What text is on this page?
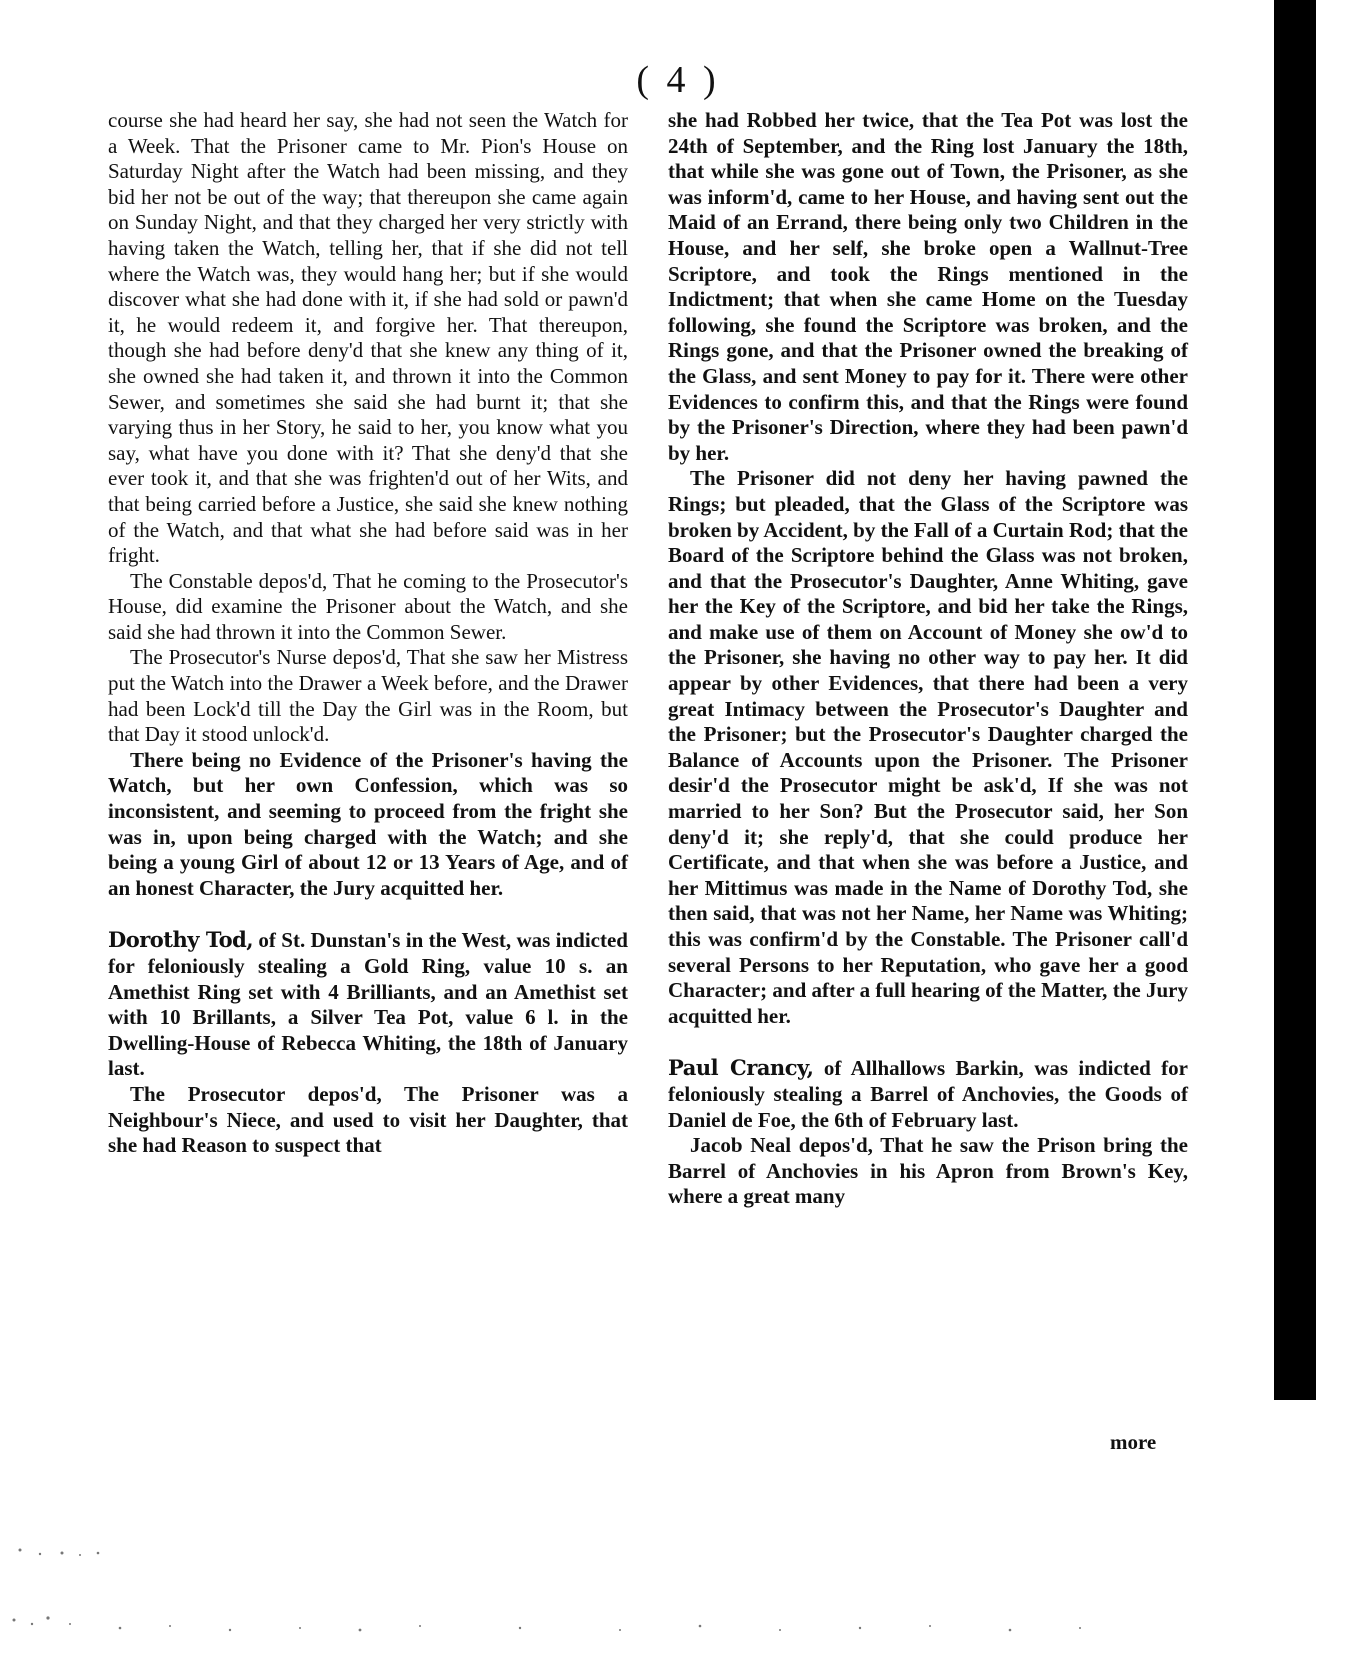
( 4 )

course she had heard her say, she had not seen the Watch for a Week. That the Prisoner came to Mr. Pion's House on Saturday Night after the Watch had been missing, and they bid her not be out of the way; that thereupon she came again on Sunday Night, and that they charged her very strictly with having taken the Watch, telling her, that if she did not tell where the Watch was, they would hang her; but if she would discover what she had done with it, if she had sold or pawn'd it, he would redeem it, and forgive her. That thereupon, though she had before deny'd that she knew any thing of it, she owned she had taken it, and thrown it into the Common Sewer, and sometimes she said she had burnt it; that she varying thus in her Story, he said to her, you know what you say, what have you done with it? That she deny'd that she ever took it, and that she was frighten'd out of her Wits, and that being carried before a Justice, she said she knew nothing of the Watch, and that what she had before said was in her fright.

The Constable depos'd, That he coming to the Prosecutor's House, did examine the Prisoner about the Watch, and she said she had thrown it into the Common Sewer.

The Prosecutor's Nurse depos'd, That she saw her Mistress put the Watch into the Drawer a Week before, and the Drawer had been Lock'd till the Day the Girl was in the Room, but that Day it stood unlock'd.

There being no Evidence of the Prisoner's having the Watch, but her own Confession, which was so inconsistent, and seeming to proceed from the fright she was in, upon being charged with the Watch; and she being a young Girl of about 12 or 13 Years of Age, and of an honest Character, the Jury acquitted her.

Dorothy Tod, of St. Dunstan's in the West, was indicted for feloniously stealing a Gold Ring, value 10 s. an Amethist Ring set with 4 Brilliants, and an Amethist set with 10 Brillants, a Silver Tea Pot, value 6 l. in the Dwelling-House of Rebecca Whiting, the 18th of January last.

The Prosecutor depos'd, The Prisoner was a Neighbour's Niece, and used to visit her Daughter, that she had Reason to suspect that

she had Robbed her twice, that the Tea Pot was lost the 24th of September, and the Ring lost January the 18th, that while she was gone out of Town, the Prisoner, as she was inform'd, came to her House, and having sent out the Maid of an Errand, there being only two Children in the House, and her self, she broke open a Wallnut-Tree Scriptore, and took the Rings mentioned in the Indictment; that when she came Home on the Tuesday following, she found the Scriptore was broken, and the Rings gone, and that the Prisoner owned the breaking of the Glass, and sent Money to pay for it. There were other Evidences to confirm this, and that the Rings were found by the Prisoner's Direction, where they had been pawn'd by her.

The Prisoner did not deny her having pawned the Rings; but pleaded, that the Glass of the Scriptore was broken by Accident, by the Fall of a Curtain Rod; that the Board of the Scriptore behind the Glass was not broken, and that the Prosecutor's Daughter, Anne Whiting, gave her the Key of the Scriptore, and bid her take the Rings, and make use of them on Account of Money she ow'd to the Prisoner, she having no other way to pay her. It did appear by other Evidences, that there had been a very great Intimacy between the Prosecutor's Daughter and the Prisoner; but the Prosecutor's Daughter charged the Balance of Accounts upon the Prisoner. The Prisoner desir'd the Prosecutor might be ask'd, If she was not married to her Son? But the Prosecutor said, her Son deny'd it; she reply'd, that she could produce her Certificate, and that when she was before a Justice, and her Mittimus was made in the Name of Dorothy Tod, she then said, that was not her Name, her Name was Whiting; this was confirm'd by the Constable. The Prisoner call'd several Persons to her Reputation, who gave her a good Character; and after a full hearing of the Matter, the Jury acquitted her.

Paul Crancy, of Allhallows Barkin, was indicted for feloniously stealing a Barrel of Anchovies, the Goods of Daniel de Foe, the 6th of February last.

Jacob Neal depos'd, That he saw the Prison bring the Barrel of Anchovies in his Apron from Brown's Key, where a great many

more
